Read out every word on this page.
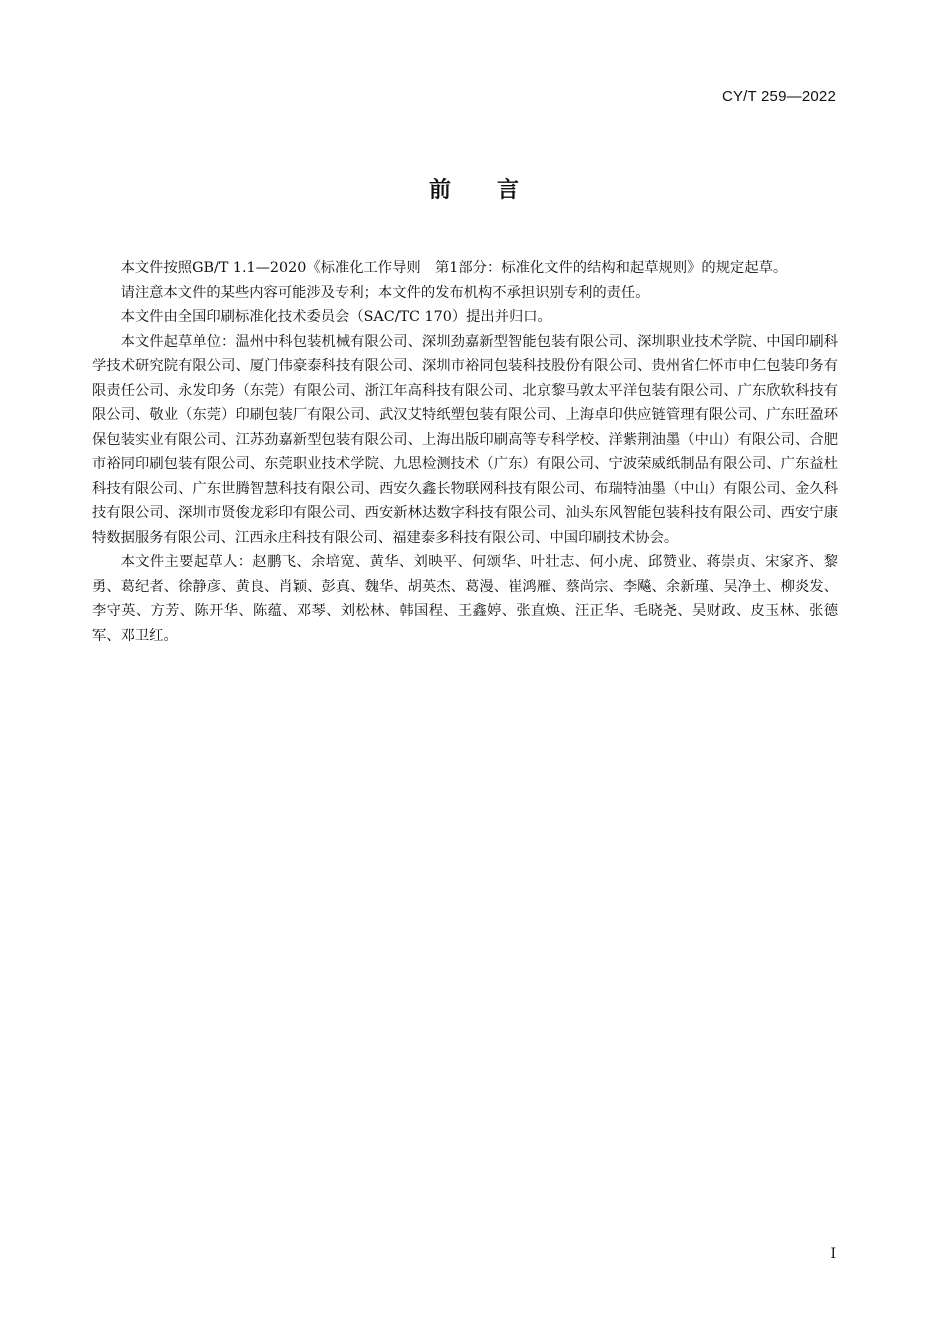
CY/T 259—2022
前 言

本文件按照GB/T 1.1—2020《标准化工作导则　第1部分：标准化文件的结构和起草规则》的规定起草。

请注意本文件的某些内容可能涉及专利；本文件的发布机构不承担识别专利的责任。

本文件由全国印刷标准化技术委员会（SAC/TC 170）提出并归口。

本文件起草单位：温州中科包装机械有限公司、深圳劲嘉新型智能包装有限公司、深圳职业技术学院、中国印刷科学技术研究院有限公司、厦门伟豪泰科技有限公司、深圳市裕同包装科技股份有限公司、贵州省仁怀市申仁包装印务有限责任公司、永发印务（东莞）有限公司、浙江年高科技有限公司、北京黎马敦太平洋包装有限公司、广东欣软科技有限公司、敬业（东莞）印刷包装厂有限公司、武汉艾特纸塑包装有限公司、上海卓印供应链管理有限公司、广东旺盈环保包装实业有限公司、江苏劲嘉新型包装有限公司、上海出版印刷高等专科学校、洋紫荆油墨（中山）有限公司、合肥市裕同印刷包装有限公司、东莞职业技术学院、九思检测技术（广东）有限公司、宁波荣威纸制品有限公司、广东益杜科技有限公司、广东世腾智慧科技有限公司、西安久鑫长物联网科技有限公司、布瑞特油墨（中山）有限公司、金久科技有限公司、深圳市贤俊龙彩印有限公司、西安新林达数字科技有限公司、汕头东风智能包装科技有限公司、西安宁康特数据服务有限公司、江西永庄科技有限公司、福建泰多科技有限公司、中国印刷技术协会。

本文件主要起草人：赵鹏飞、余培宽、黄华、刘映平、何颂华、叶壮志、何小虎、邱赞业、蒋崇贞、宋家齐、黎勇、葛纪者、徐静彦、黄良、肖颖、彭真、魏华、胡英杰、葛漫、崔鸿雁、蔡尚宗、李飚、余新瑾、吴净土、柳炎发、李守英、方芳、陈开华、陈蕴、邓琴、刘松林、韩国程、王鑫婷、张直焕、汪正华、毛晓尧、吴财政、皮玉林、张德军、邓卫红。

I
